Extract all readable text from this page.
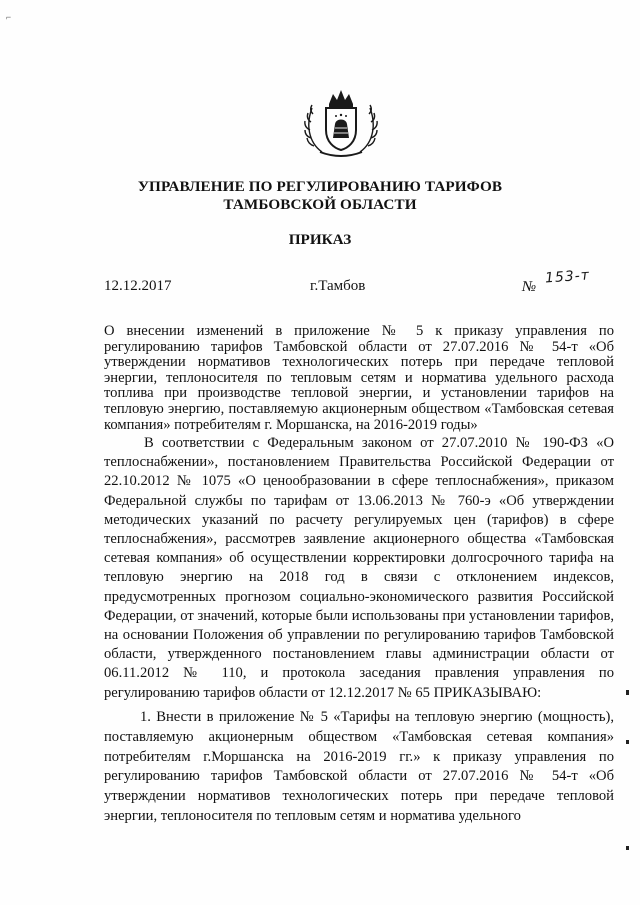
⌐
УПРАВЛЕНИЕ ПО РЕГУЛИРОВАНИЮ ТАРИФОВ
ТАМБОВСКОЙ ОБЛАСТИ
ПРИКАЗ
12.12.2017	г.Тамбов	№
153-т
О внесении изменений в приложение № 5 к приказу управления по регулированию тарифов Тамбовской области от 27.07.2016 № 54-т «Об утверждении нормативов технологических потерь при передаче тепловой энергии, теплоносителя по тепловым сетям и норматива удельного расхода топлива при производстве тепловой энергии, и установлении тарифов на тепловую энергию, поставляемую акционерным обществом «Тамбовская сетевая компания» потребителям г. Моршанска, на 2016-2019 годы»
В соответствии с Федеральным законом от 27.07.2010 № 190-ФЗ «О теплоснабжении», постановлением Правительства Российской Федерации от 22.10.2012 № 1075 «О ценообразовании в сфере теплоснабжения», приказом Федеральной службы по тарифам от 13.06.2013 № 760-э «Об утверждении методических указаний по расчету регулируемых цен (тарифов) в сфере теплоснабжения», рассмотрев заявление акционерного общества «Тамбовская сетевая компания» об осуществлении корректировки долгосрочного тарифа на тепловую энергию на 2018 год в связи с отклонением индексов, предусмотренных прогнозом социально-экономического развития Российской Федерации, от значений, которые были использованы при установлении тарифов, на основании Положения об управлении по регулированию тарифов Тамбовской области, утвержденного постановлением главы администрации области от 06.11.2012 № 110, и протокола заседания правления управления по регулированию тарифов области от 12.12.2017 № 65 ПРИКАЗЫВАЮ:
1. Внести в приложение № 5 «Тарифы на тепловую энергию (мощность), поставляемую акционерным обществом «Тамбовская сетевая компания» потребителям г.Моршанска на 2016-2019 гг.» к приказу управления по регулированию тарифов Тамбовской области от 27.07.2016 № 54-т «Об утверждении нормативов технологических потерь при передаче тепловой энергии, теплоносителя по тепловым сетям и норматива удельного
